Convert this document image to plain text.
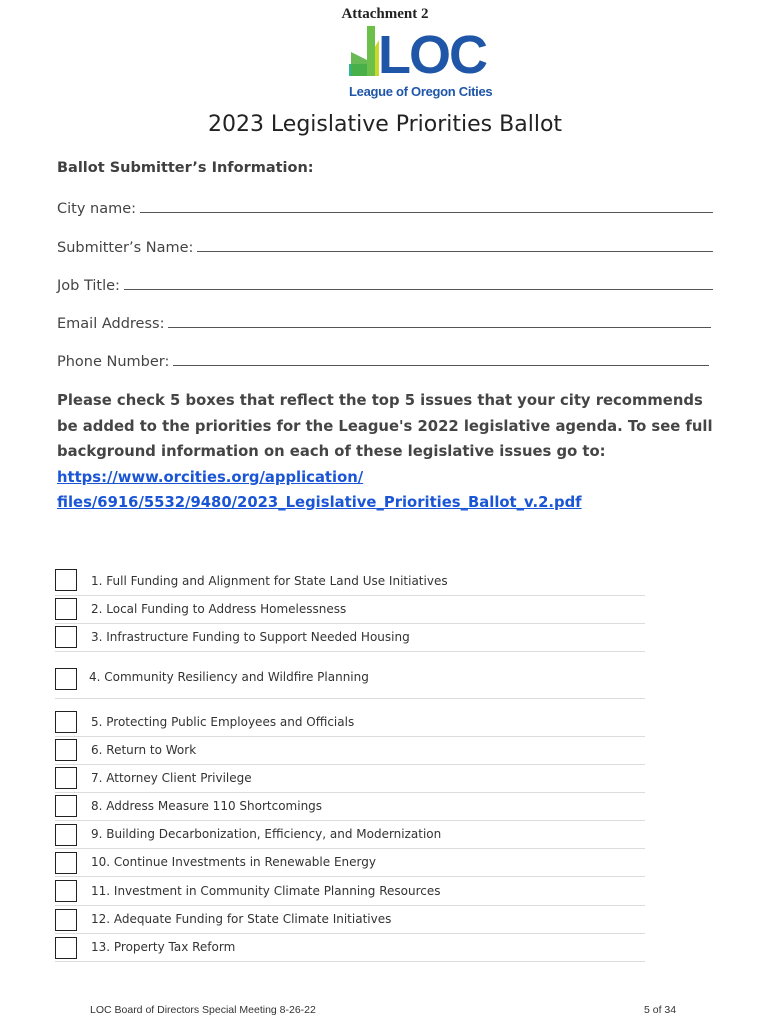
Attachment 2
LOC
League of Oregon Cities
2023 Legislative Priorities Ballot
Ballot Submitter’s Information:
City name:
Submitter’s Name:
Job Title:
Email Address:
Phone Number:
Please check 5 boxes that reflect the top 5 issues that your city recommends be added to the priorities for the League's 2022 legislative agenda. To see full background information on each of these legislative issues go to:
https://www.orcities.org/application/
files/6916/5532/9480/2023_Legislative_Priorities_Ballot_v.2.pdf
1. Full Funding and Alignment for State Land Use Initiatives
2. Local Funding to Address Homelessness
3. Infrastructure Funding to Support Needed Housing
4. Community Resiliency and Wildfire Planning
5. Protecting Public Employees and Officials
6. Return to Work
7. Attorney Client Privilege
8. Address Measure 110 Shortcomings
9. Building Decarbonization, Efficiency, and Modernization
10. Continue Investments in Renewable Energy
11. Investment in Community Climate Planning Resources
12. Adequate Funding for State Climate Initiatives
13. Property Tax Reform
LOC Board of Directors Special Meeting 8-26-22	5 of 34
